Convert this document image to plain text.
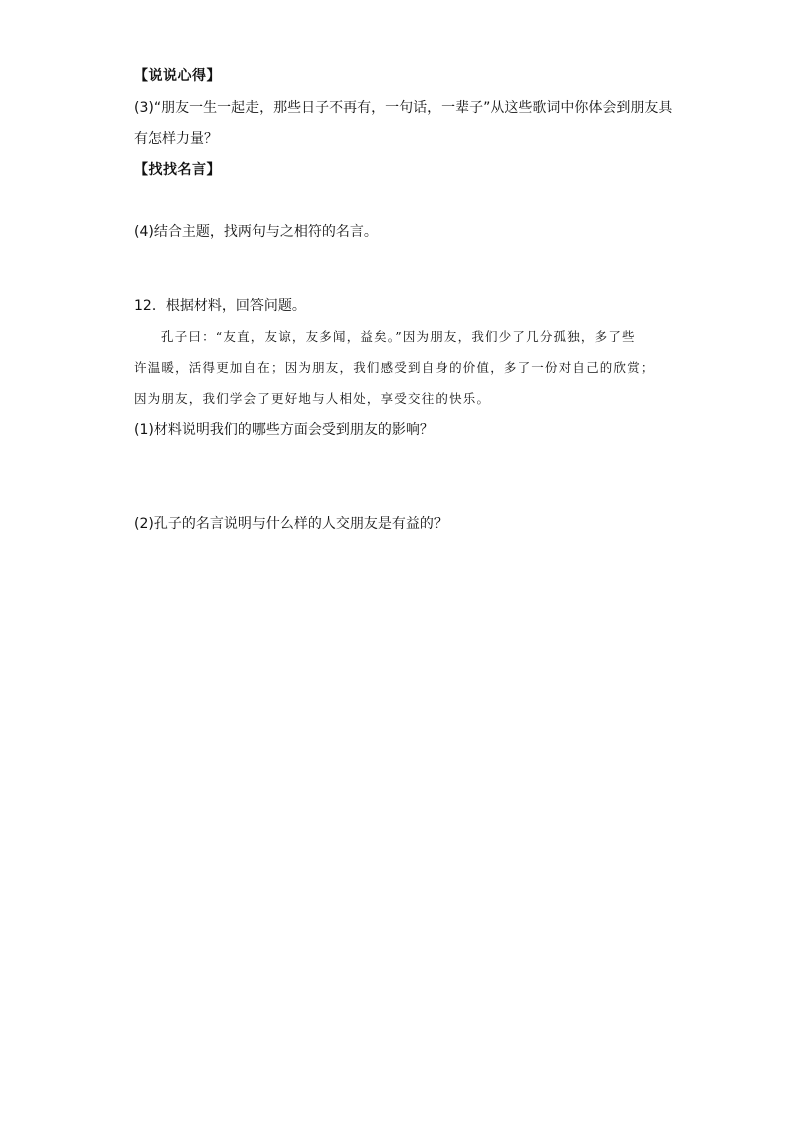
【说说心得】
(3)“朋友一生一起走，那些日子不再有，一句话，一辈子”从这些歌词中你体会到朋友具
有怎样力量？
【找找名言】
(4)结合主题，找两句与之相符的名言。
12．根据材料，回答问题。
孔子曰：“友直，友谅，友多闻，益矣。”因为朋友，我们少了几分孤独，多了些
许温暖，活得更加自在；因为朋友，我们感受到自身的价值，多了一份对自己的欣赏；
因为朋友，我们学会了更好地与人相处，享受交往的快乐。
(1)材料说明我们的哪些方面会受到朋友的影响？
(2)孔子的名言说明与什么样的人交朋友是有益的？
